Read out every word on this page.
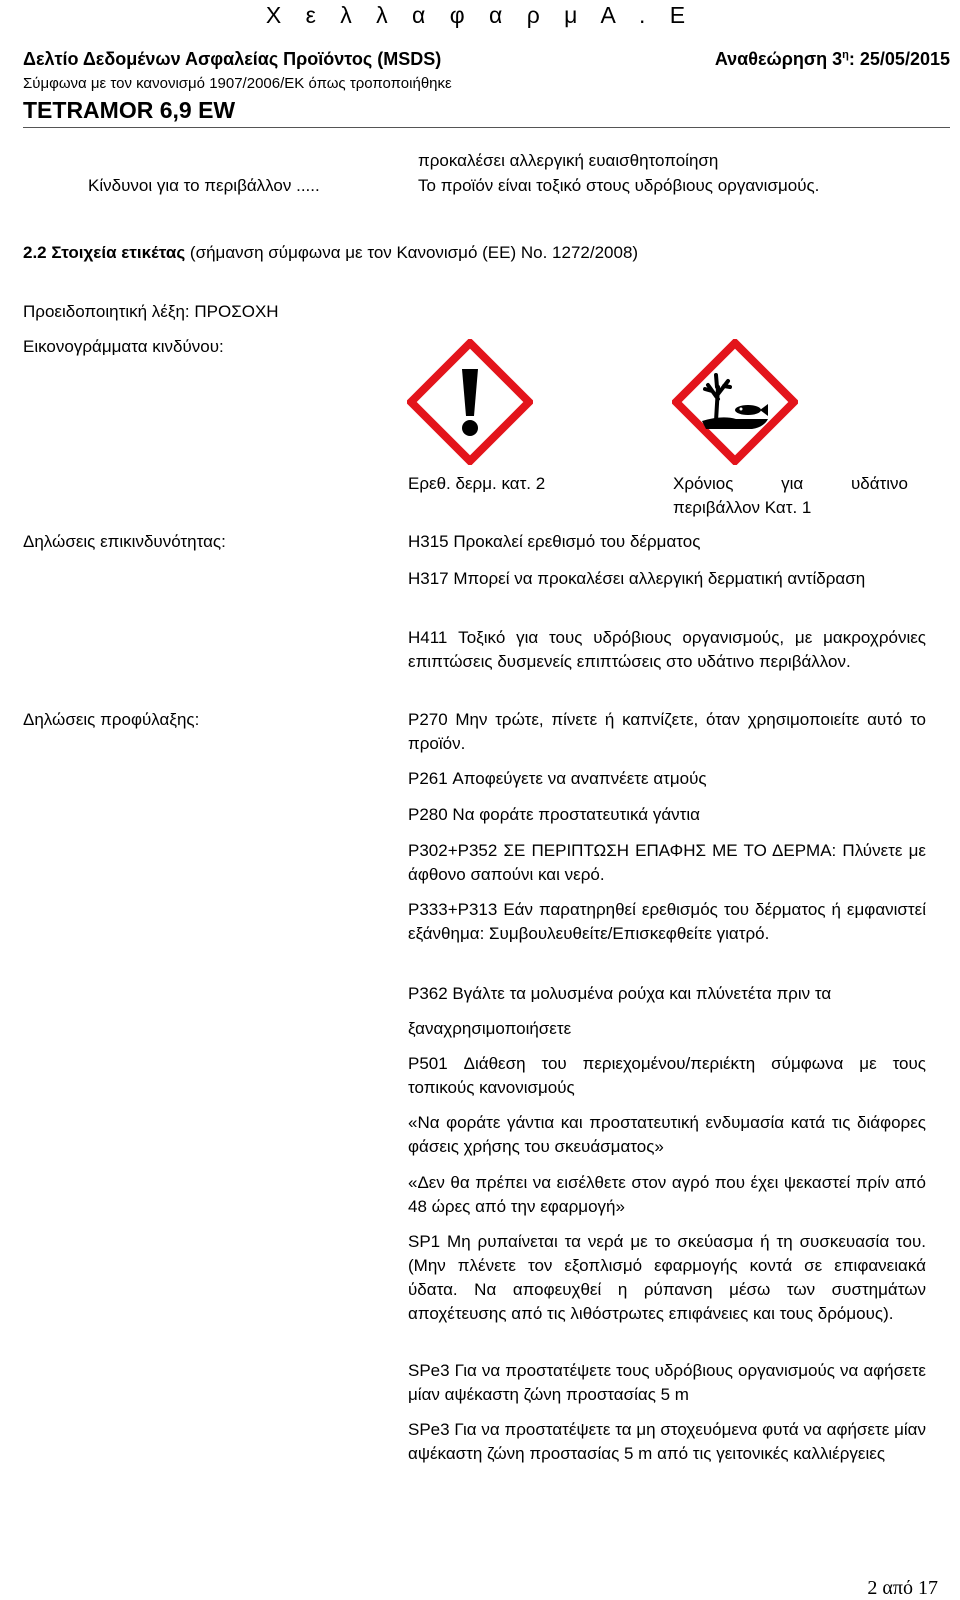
Χ ε λ λ α φ α ρ μ Α . Ε
Δελτίο Δεδομένων Ασφαλείας Προϊόντος (MSDS)	Αναθεώρηση $3^\eta$: 25/05/2015
Σύμφωνα με τον κανονισμό 1907/2006/ΕΚ όπως τροποποιήθηκε
TETRAMOR 6,9 EW
προκαλέσει αλλεργική ευαισθητοποίηση
Κίνδυνοι για το περιβάλλον .....	Το προϊόν είναι τοξικό στους υδρόβιους οργανισμούς.
2.2 Στοιχεία ετικέτας (σήμανση σύμφωνα με τον Κανονισμό (ΕΕ) Νο. 1272/2008)
Προειδοποιητική λέξη: ΠΡΟΣΟΧΗ
Εικονογράμματα κινδύνου:
Ερεθ. δερμ. κατ. 2	Χρόνιος για υδάτινο
περιβάλλον Κατ. 1
Δηλώσεις επικινδυνότητας:	H315 Προκαλεί ερεθισμό του δέρματος
H317 Μπορεί να προκαλέσει αλλεργική δερματική αντίδραση
H411 Τοξικό για τους υδρόβιους οργανισμούς, με μακροχρόνιες επιπτώσεις δυσμενείς επιπτώσεις στο υδάτινο περιβάλλον.
Δηλώσεις προφύλαξης:	P270 Μην τρώτε, πίνετε ή καπνίζετε, όταν χρησιμοποιείτε αυτό το προϊόν.
P261 Αποφεύγετε να αναπνέετε ατμούς
P280 Να φοράτε προστατευτικά γάντια
P302+P352 ΣΕ ΠΕΡΙΠΤΩΣΗ ΕΠΑΦΗΣ ΜΕ ΤΟ ΔΕΡΜΑ: Πλύνετε με άφθονο σαπούνι και νερό.
P333+P313 Εάν παρατηρηθεί ερεθισμός του δέρματος ή εμφανιστεί εξάνθημα: Συμβουλευθείτε/Επισκεφθείτε γιατρό.
P362 Βγάλτε τα μολυσμένα ρούχα και πλύνετέτα πριν τα
ξαναχρησιμοποιήσετε
P501 Διάθεση του περιεχομένου/περιέκτη σύμφωνα με τους τοπικούς κανονισμούς
«Να φοράτε γάντια και προστατευτική ενδυμασία κατά τις διάφορες φάσεις χρήσης του σκευάσματος»
«Δεν θα πρέπει να εισέλθετε στον αγρό που έχει ψεκαστεί πρίν από 48 ώρες από την εφαρμογή»
SP1 Μη ρυπαίνεται τα νερά με το σκεύασμα ή τη συσκευασία του. (Μην πλένετε τον εξοπλισμό εφαρμογής κοντά σε επιφανειακά ύδατα. Να αποφευχθεί η ρύπανση μέσω των συστημάτων αποχέτευσης από τις λιθόστρωτες επιφάνειες και τους δρόμους).
SPe3 Για να προστατέψετε τους υδρόβιους οργανισμούς να αφήσετε μίαν αψέκαστη ζώνη προστασίας 5 m
SPe3 Για να προστατέψετε τα μη στοχευόμενα φυτά να αφήσετε μίαν αψέκαστη ζώνη προστασίας 5 m από τις γειτονικές καλλιέργειες
2 από 17
